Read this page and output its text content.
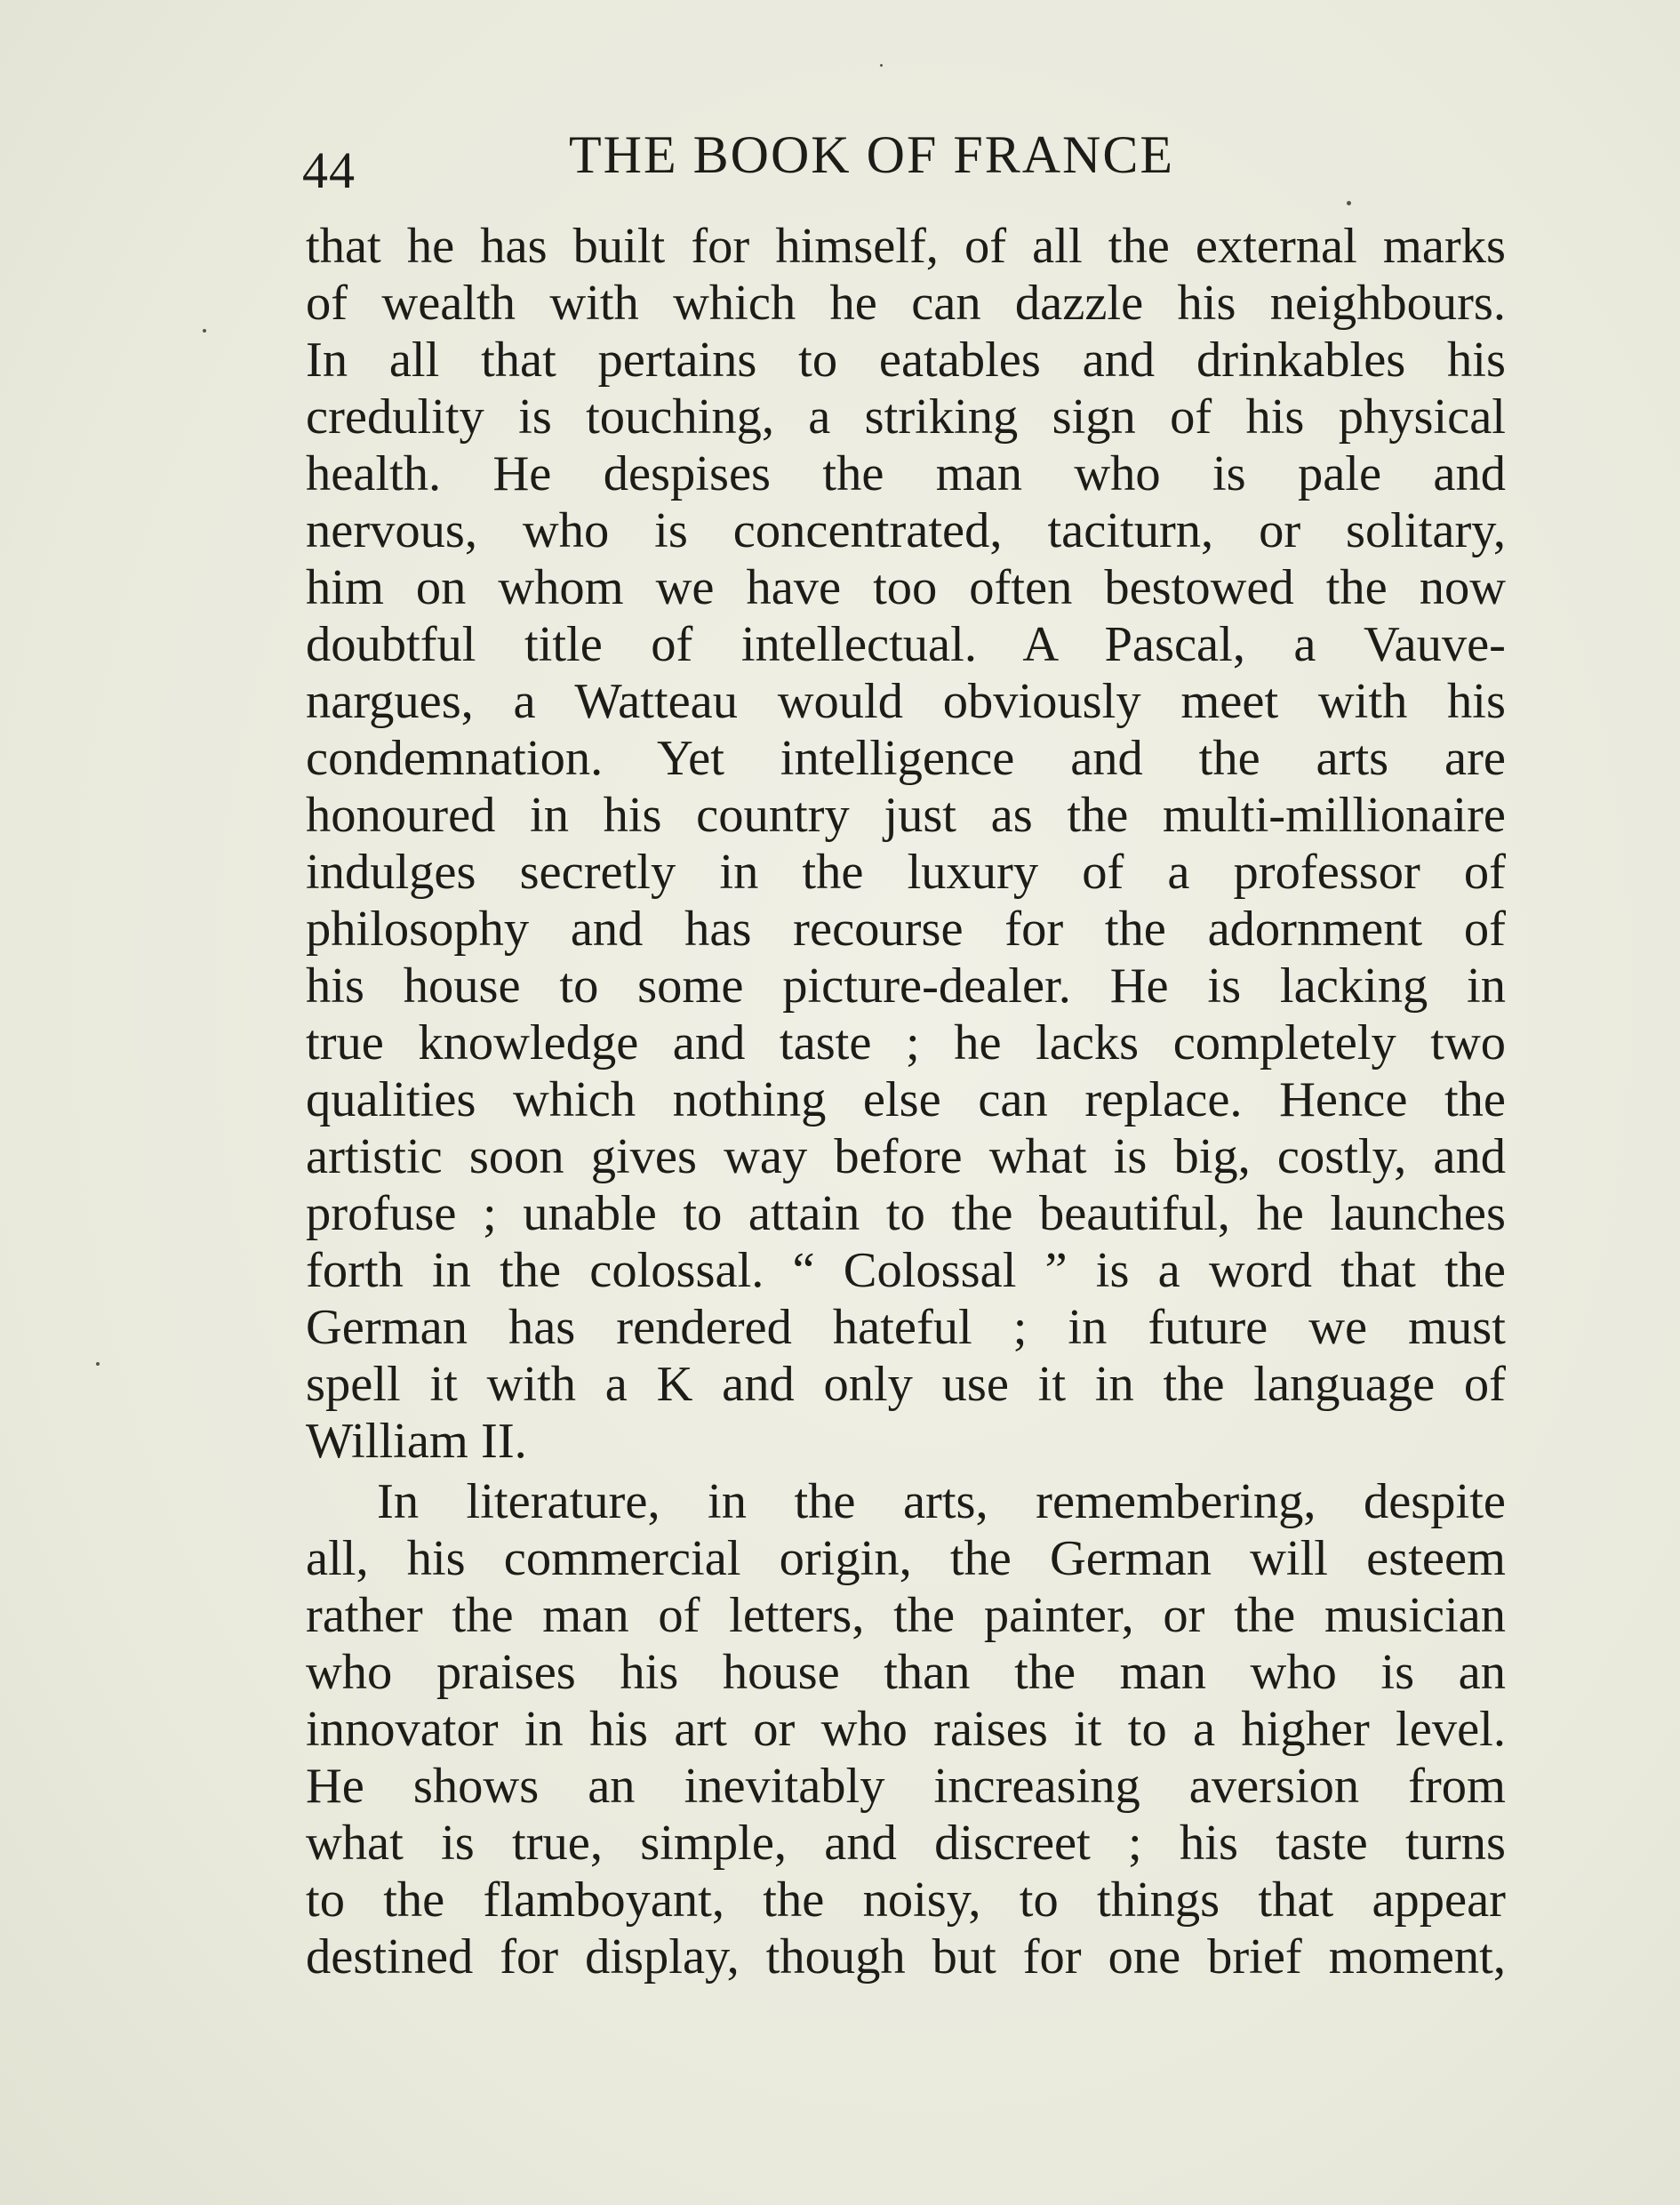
44	THE BOOK OF FRANCE
that he has built for himself, of all the external marks
of wealth with which he can dazzle his neighbours.
In all that pertains to eatables and drinkables his
credulity is touching, a striking sign of his physical
health. He despises the man who is pale and
nervous, who is concentrated, taciturn, or solitary,
him on whom we have too often bestowed the now
doubtful title of intellectual. A Pascal, a Vauve-
nargues, a Watteau would obviously meet with his
condemnation. Yet intelligence and the arts are
honoured in his country just as the multi-millionaire
indulges secretly in the luxury of a professor of
philosophy and has recourse for the adornment of
his house to some picture-dealer. He is lacking in
true knowledge and taste ; he lacks completely two
qualities which nothing else can replace. Hence the
artistic soon gives way before what is big, costly, and
profuse ; unable to attain to the beautiful, he launches
forth in the colossal. “ Colossal ” is a word that the
German has rendered hateful ; in future we must
spell it with a K and only use it in the language of
William II.
In literature, in the arts, remembering, despite
all, his commercial origin, the German will esteem
rather the man of letters, the painter, or the musician
who praises his house than the man who is an
innovator in his art or who raises it to a higher level.
He shows an inevitably increasing aversion from
what is true, simple, and discreet ; his taste turns
to the flamboyant, the noisy, to things that appear
destined for display, though but for one brief moment,
